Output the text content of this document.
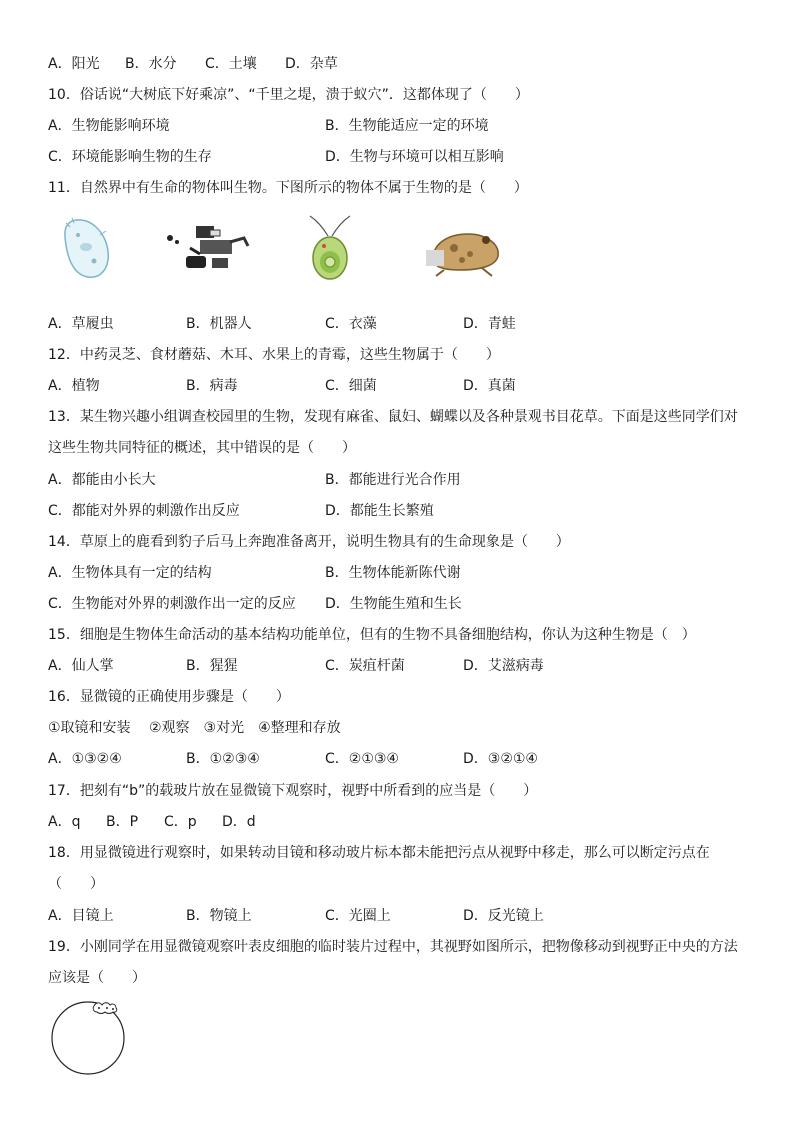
A．阳光 B．水分 C．土壤 D．杂草
10．俗话说“大树底下好乘凉”、“千里之堤，溃于蚁穴”．这都体现了（　　）
A．生物能影响环境	B．生物能适应一定的环境
C．环境能影响生物的生存	D．生物与环境可以相互影响
11．自然界中有生命的物体叫生物。下图所示的物体不属于生物的是（　　）
A．草履虫	B．机器人	C．衣藻	D．青蛙
12．中药灵芝、食材蘑菇、木耳、水果上的青霉，这些生物属于（　　）
A．植物	B．病毒	C．细菌	D．真菌
13．某生物兴趣小组调查校园里的生物，发现有麻雀、鼠妇、蝴蝶以及各种景观书目花草。下面是这些同学们对这些生物共同特征的概述，其中错误的是（　　）
A．都能由小长大	B．都能进行光合作用
C．都能对外界的刺激作出反应	D．都能生长繁殖
14．草原上的鹿看到豹子后马上奔跑准备离开，说明生物具有的生命现象是（　　）
A．生物体具有一定的结构	B．生物体能新陈代谢
C．生物能对外界的刺激作出一定的反应 D．生物能生殖和生长
15．细胞是生物体生命活动的基本结构功能单位，但有的生物不具备细胞结构，你认为这种生物是（　）
A．仙人掌	B．猩猩	C．炭疽杆菌	D．艾滋病毒
16．显微镜的正确使用步骤是（　　）
①取镜和安装　 ②观察　③对光　④整理和存放
A．①③②④	B．①②③④	C．②①③④	D．③②①④
17．把刻有“b”的载玻片放在显微镜下观察时，视野中所看到的应当是（　　）
A．q B．P C．p D．d
18．用显微镜进行观察时，如果转动目镜和移动玻片标本都未能把污点从视野中移走，那么可以断定污点在（　　）
A．目镜上	B．物镜上	C．光圈上	D．反光镜上
19．小刚同学在用显微镜观察叶表皮细胞的临时装片过程中，其视野如图所示，把物像移动到视野正中央的方法应该是（　　）
